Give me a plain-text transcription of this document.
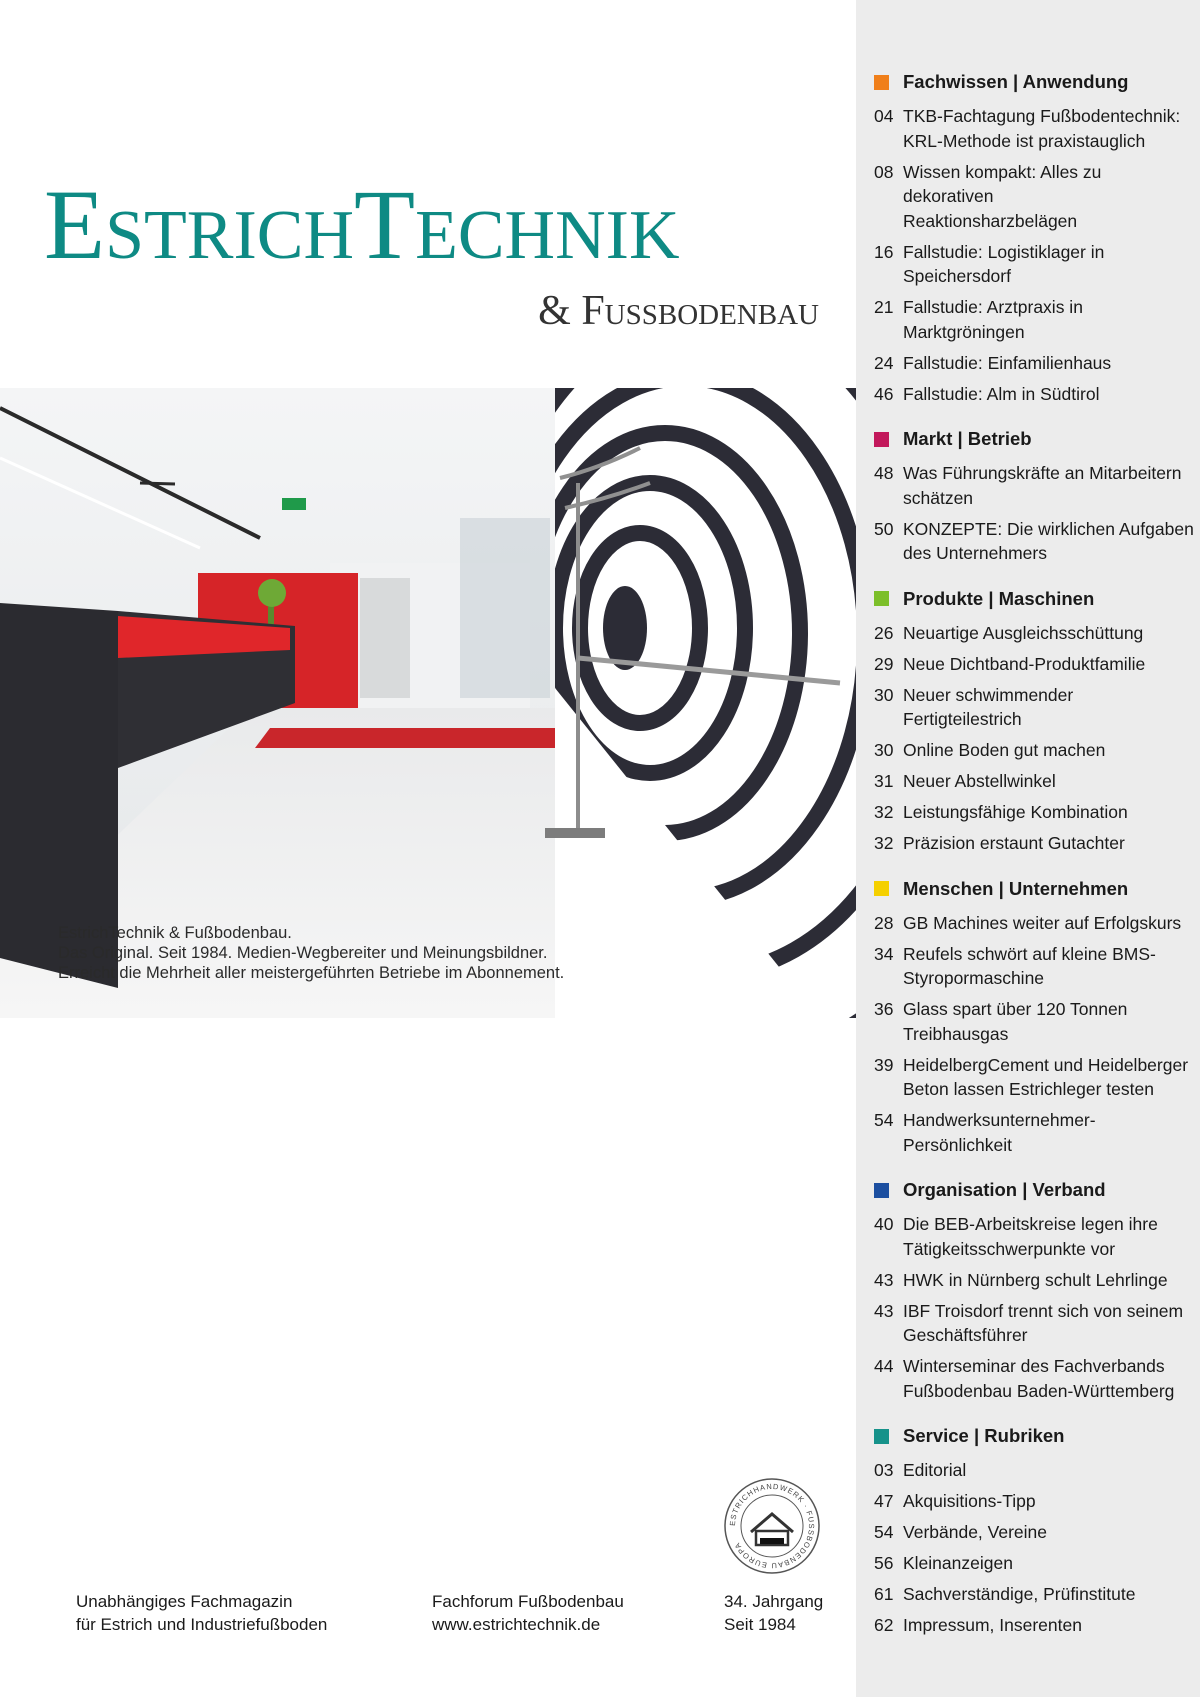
EstrichTechnik
& Fussbodenbau
EstrichTechnik & Fußbodenbau.
Das Original. Seit 1984. Medien-Wegbereiter und Meinungsbildner.
Erreicht die Mehrheit aller meistergeführten Betriebe im Abonnement.
ESTRICHHANDWERK · FUSSBODENBAU EUROPA
Unabhängiges Fachmagazin
für Estrich und Industriefußboden
Fachforum Fußbodenbau
www.estrichtechnik.de
34. Jahrgang
Seit 1984
Fachwissen | Anwendung
04 TKB-Fachtagung Fußbodentechnik:
KRL-Methode ist praxistauglich
08 Wissen kompakt: Alles zu dekorativen
Reaktionsharzbelägen
16 Fallstudie: Logistiklager in
Speichersdorf
21 Fallstudie: Arztpraxis in
Marktgröningen
24 Fallstudie: Einfamilienhaus
46 Fallstudie: Alm in Südtirol
Markt | Betrieb
48 Was Führungskräfte an Mitarbeitern
schätzen
50 KONZEPTE: Die wirklichen Aufgaben
des Unternehmers
Produkte | Maschinen
26 Neuartige Ausgleichsschüttung
29 Neue Dichtband-Produktfamilie
30 Neuer schwimmender Fertigteilestrich
30 Online Boden gut machen
31 Neuer Abstellwinkel
32 Leistungsfähige Kombination
32 Präzision erstaunt Gutachter
Menschen | Unternehmen
28 GB Machines weiter auf Erfolgskurs
34 Reufels schwört auf kleine BMS-
Styropormaschine
36 Glass spart über 120 Tonnen
Treibhausgas
39 HeidelbergCement und Heidelberger
Beton lassen Estrichleger testen
54 Handwerksunternehmer-
Persönlichkeit
Organisation | Verband
40 Die BEB-Arbeitskreise legen ihre
Tätigkeitsschwerpunkte vor
43 HWK in Nürnberg schult Lehrlinge
43 IBF Troisdorf trennt sich von seinem
Geschäftsführer
44 Winterseminar des Fachverbands
Fußbodenbau Baden-Württemberg
Service | Rubriken
03 Editorial
47 Akquisitions-Tipp
54 Verbände, Vereine
56 Kleinanzeigen
61 Sachverständige, Prüfinstitute
62 Impressum, Inserenten
